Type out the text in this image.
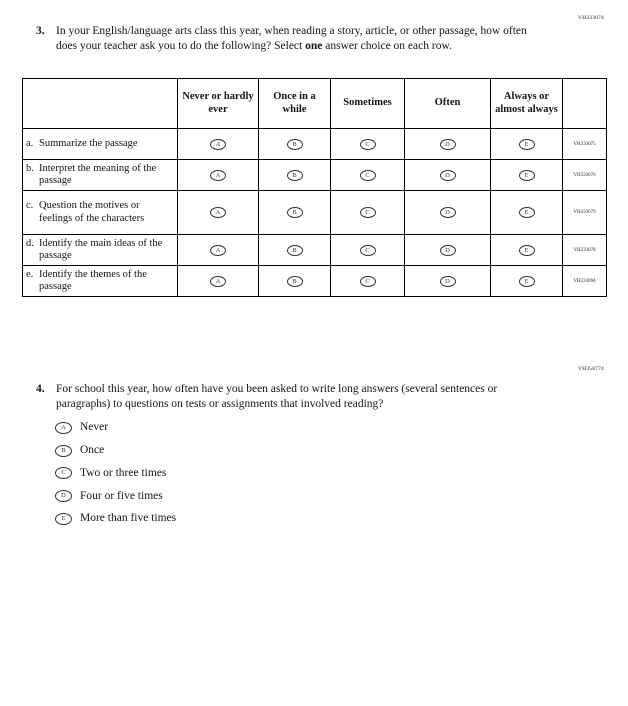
VH333074
3. In your English/language arts class this year, when reading a story, article, or other passage, how often does your teacher ask you to do the following? Select one answer choice on each row.
	Never or hardly ever	Once in a while	Sometimes	Often	Always or almost always	

a. Summarize the passage	A	B	C	D	E	VH333075

b. Interpret the meaning of the passage	A	B	C	D	E	VH333076

c. Question the motives or feelings of the characters	A	B	C	D	E	VH333079

d. Identify the main ideas of the passage	A	B	C	D	E	VH333078

e. Identify the themes of the passage	A	B	C	D	E	VH333094
VH358774
4. For school this year, how often have you been asked to write long answers (several sentences or paragraphs) to questions on tests or assignments that involved reading?
A	Never
B	Once
C	Two or three times
D	Four or five times
E	More than five times
